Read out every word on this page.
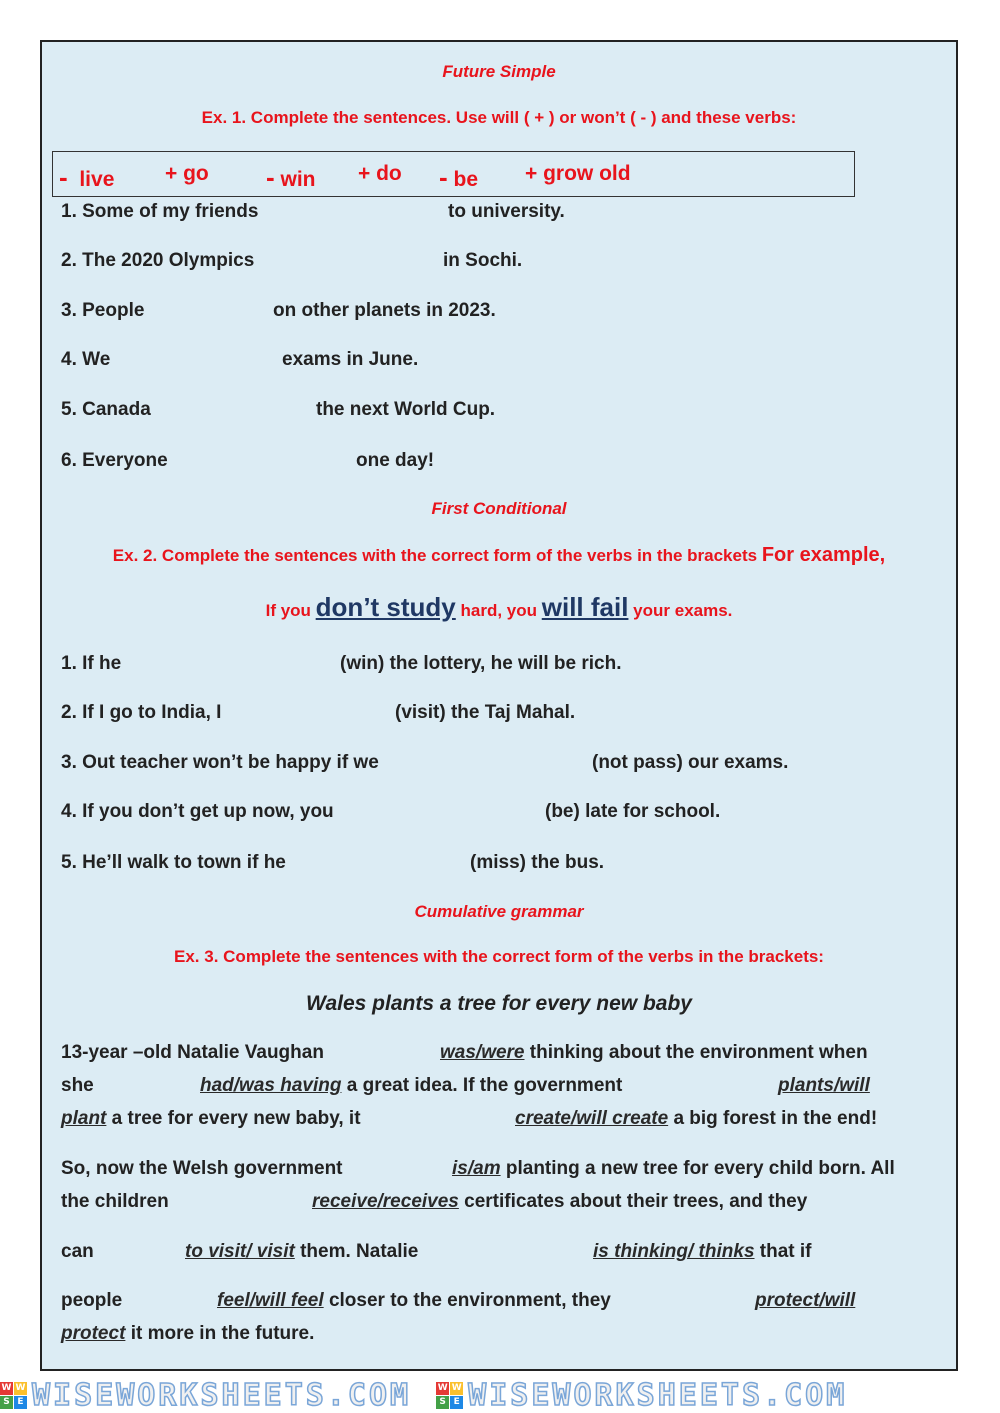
Future Simple
Ex. 1. Complete the sentences. Use will ( + ) or won’t ( - ) and these verbs:
- live + go - win + do - be + grow old
1. Some of my friends	to university.
2. The 2020 Olympics	in Sochi.
3. People	on other planets in 2023.
4. We	exams in June.
5. Canada	the next World Cup.
6. Everyone	one day!
First Conditional
Ex. 2. Complete the sentences with the correct form of the verbs in the brackets For example,
If you don’t study hard, you will fail your exams.
1. If he	(win) the lottery, he will be rich.
2. If I go to India, I	(visit) the Taj Mahal.
3. Out teacher won’t be happy if we	(not pass) our exams.
4. If you don’t get up now, you	(be) late for school.
5. He’ll walk to town if he	(miss) the bus.
Cumulative grammar
Ex. 3. Complete the sentences with the correct form of the verbs in the brackets:
Wales plants a tree for every new baby
13-year –old Natalie Vaughan	was/were thinking about the environment when
she	had/was having a great idea. If the government	plants/will
plant a tree for every new baby, it	create/will create a big forest in the end!
So, now the Welsh government	is/am planting a new tree for every child born. All
the children	receive/receives certificates about their trees, and they
can	to visit/ visit them. Natalie	is thinking/ thinks that if
people	feel/will feel closer to the environment, they	protect/will
protect it more in the future.
W W
S E WISEWORKSHEETS.COM	W W
S E WISEWORKSHEETS.COM
